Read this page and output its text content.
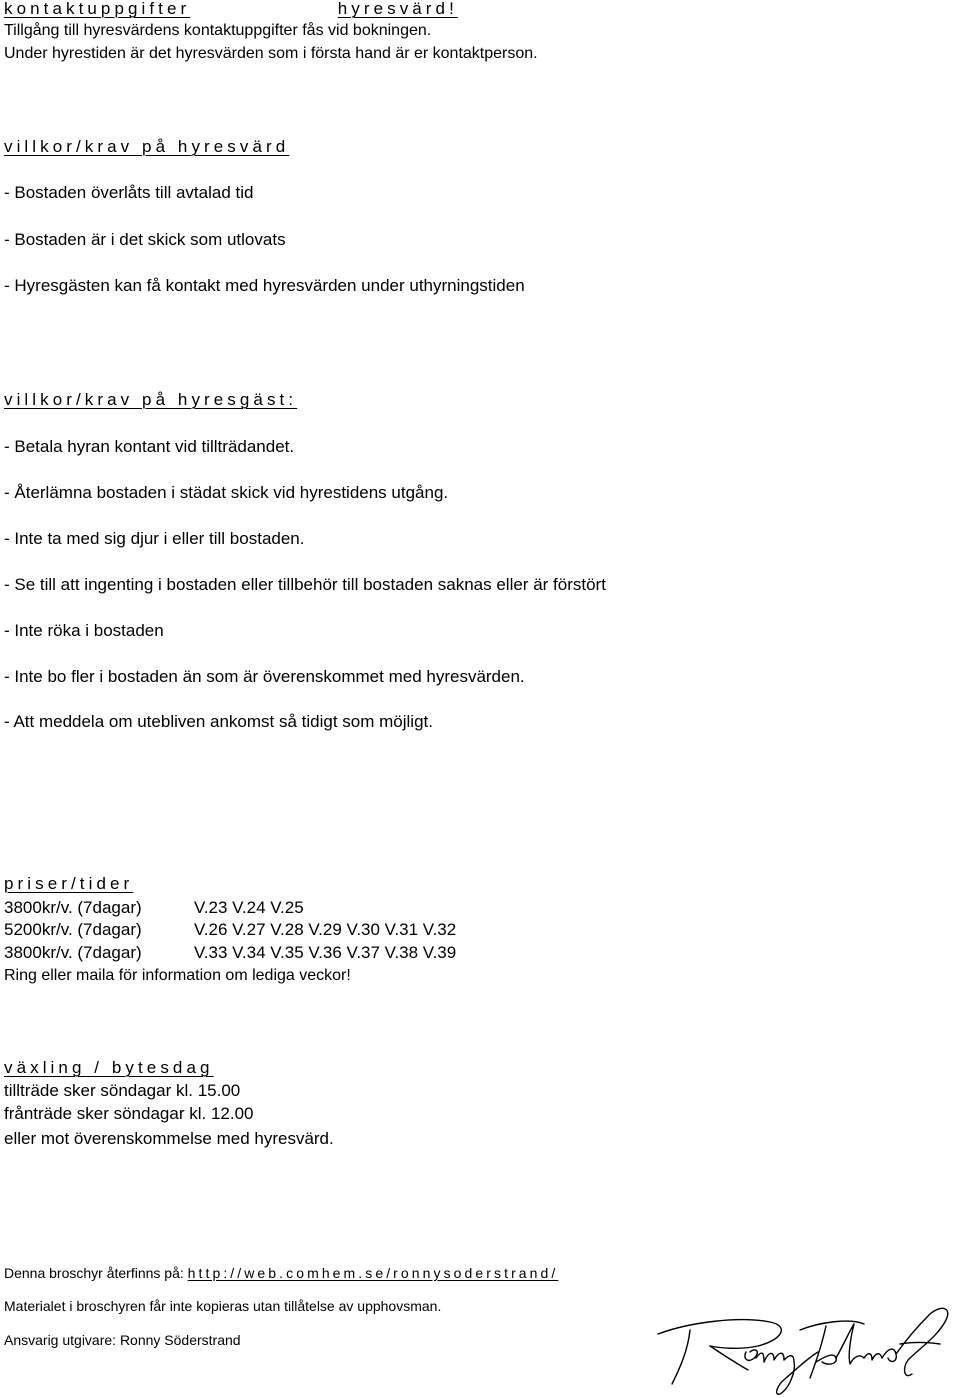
kontaktuppgifter	hyresvärd!
Tillgång till hyresvärdens kontaktuppgifter fås vid bokningen.
Under hyrestiden är det hyresvärden som i första hand är er kontaktperson.
villkor/krav på hyresvärd
- Bostaden överlåts till avtalad tid
- Bostaden är i det skick som utlovats
- Hyresgästen kan få kontakt med hyresvärden under uthyrningstiden
villkor/krav på hyresgäst:
- Betala hyran kontant vid tillträdandet.
- Återlämna bostaden i städat skick vid hyrestidens utgång.
- Inte ta med sig djur i eller till bostaden.
- Se till att ingenting i bostaden eller tillbehör till bostaden saknas eller är förstört
- Inte röka i bostaden
- Inte bo fler i bostaden än som är överenskommet med hyresvärden.
- Att meddela om utebliven ankomst så tidigt som möjligt.
priser/tider
3800kr/v. (7dagar)	V.23 V.24 V.25
5200kr/v. (7dagar)	V.26 V.27 V.28 V.29 V.30 V.31 V.32
3800kr/v. (7dagar)	V.33 V.34 V.35 V.36 V.37 V.38 V.39
Ring eller maila för information om lediga veckor!
växling / bytesdag
tillträde sker söndagar kl. 15.00
frånträde sker söndagar kl. 12.00
eller mot överenskommelse med hyresvärd.
Denna broschyr återfinns på: http://web.comhem.se/ronnysoderstrand/
Materialet i broschyren får inte kopieras utan tillåtelse av upphovsman.
Ansvarig utgivare: Ronny Söderstrand
